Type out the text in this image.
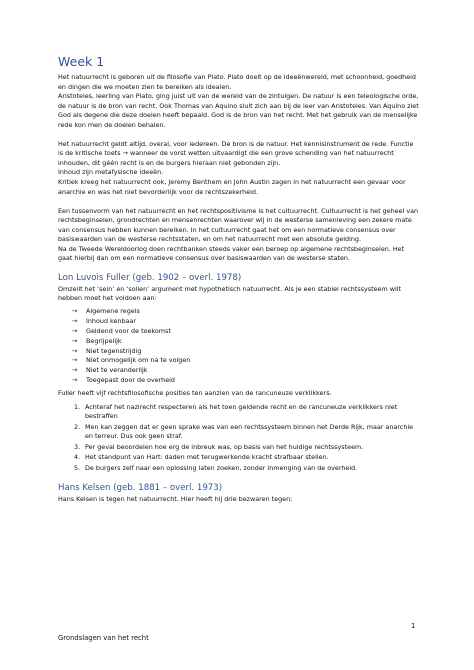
Week 1

Het natuurrecht is geboren uit de filosofie van Plato. Plato doelt op de ideeënwereld, met schoonheid, goedheid en dingen die we moeten zien te bereiken als idealen.

Aristoteles, leerling van Plato, ging juist uit van de wereld van de zintuigen. De natuur is een teleologische orde, de natuur is de bron van recht. Ook Thomas van Aquino sluit zich aan bij de leer van Aristoteles. Van Aquino ziet God als degene die deze doelen heeft bepaald. God is de bron van het recht. Met het gebruik van de menselijke rede kon men de doelen behalen.

Het natuurrecht geldt altijd, overal, voor iedereen. De bron is de natuur. Het kennisinstrument de rede. Functie is de kritische toets → wanneer de vorst wetten uitvaardigt die een grove schending van het natuurrecht inhouden, dit géén recht is en de burgers hieraan niet gebonden zijn.

Inhoud zijn metafysische ideeën.

Kritiek kreeg het natuurrecht ook, Jeremy Benthem en John Austin zagen in het natuurrecht een gevaar voor anarchie en was het niet bevorderlijk voor de rechtszekerheid.

Een tussenvorm van het natuurrecht en het rechtspositivisme is het cultuurrecht. Cultuurrecht is het geheel van rechtsbeginselen, grondrechten en mensenrechten waarover wij in de westerse samenleving een zekere mate van consensus hebben kunnen bereiken. In het cultuurrecht gaat het om een normatieve consensus over basiswaarden van de westerse rechtsstaten, en om het natuurrecht met een absolute gelding.

Na de Tweede Wereldoorlog doen rechtbanken steeds vaker een beroep op algemene rechtsbeginselen. Het gaat hierbij dan om een normatieve consensus over basiswaarden van de westerse staten.

Lon Luvois Fuller (geb. 1902 – overl. 1978)

Omzeilt het ‘sein’ en ‘sollen’ argument met hypothetisch natuurrecht. Als je een stabiel rechtssysteem wilt hebben moet het voldoen aan:

→ Algemene regels
→ Inhoud kenbaar
→ Geldend voor de toekomst
→ Begrijpelijk
→ Niet tegenstrijdig
→ Niet onmogelijk om na te volgen
→ Niet te veranderlijk
→ Toegepast door de overheid

Fuller heeft vijf rechtsfilosofische posities ten aanzien van de rancuneuze verklikkers.

1. Achteraf het nazirecht respecteren als het toen geldende recht en de rancuneuze verklikkers niet bestraffen
2. Men kan zeggen dat er geen sprake was van een rechtssysteem binnen het Derde Rijk, maar anarchie en terreur. Dus ook geen straf.
3. Per geval beoordelen hoe erg de inbreuk was, op basis van het huidige rechtssysteem.
4. Het standpunt van Hart: daden met terugwerkende kracht strafbaar stellen.
5. De burgers zelf naar een oplossing laten zoeken, zonder inmenging van de overheid.
Hans Kelsen (geb. 1881 – overl. 1973)

Hans Kelsen is tegen het natuurrecht. Hier heeft hij drie bezwaren tegen;

1
Grondslagen van het recht
